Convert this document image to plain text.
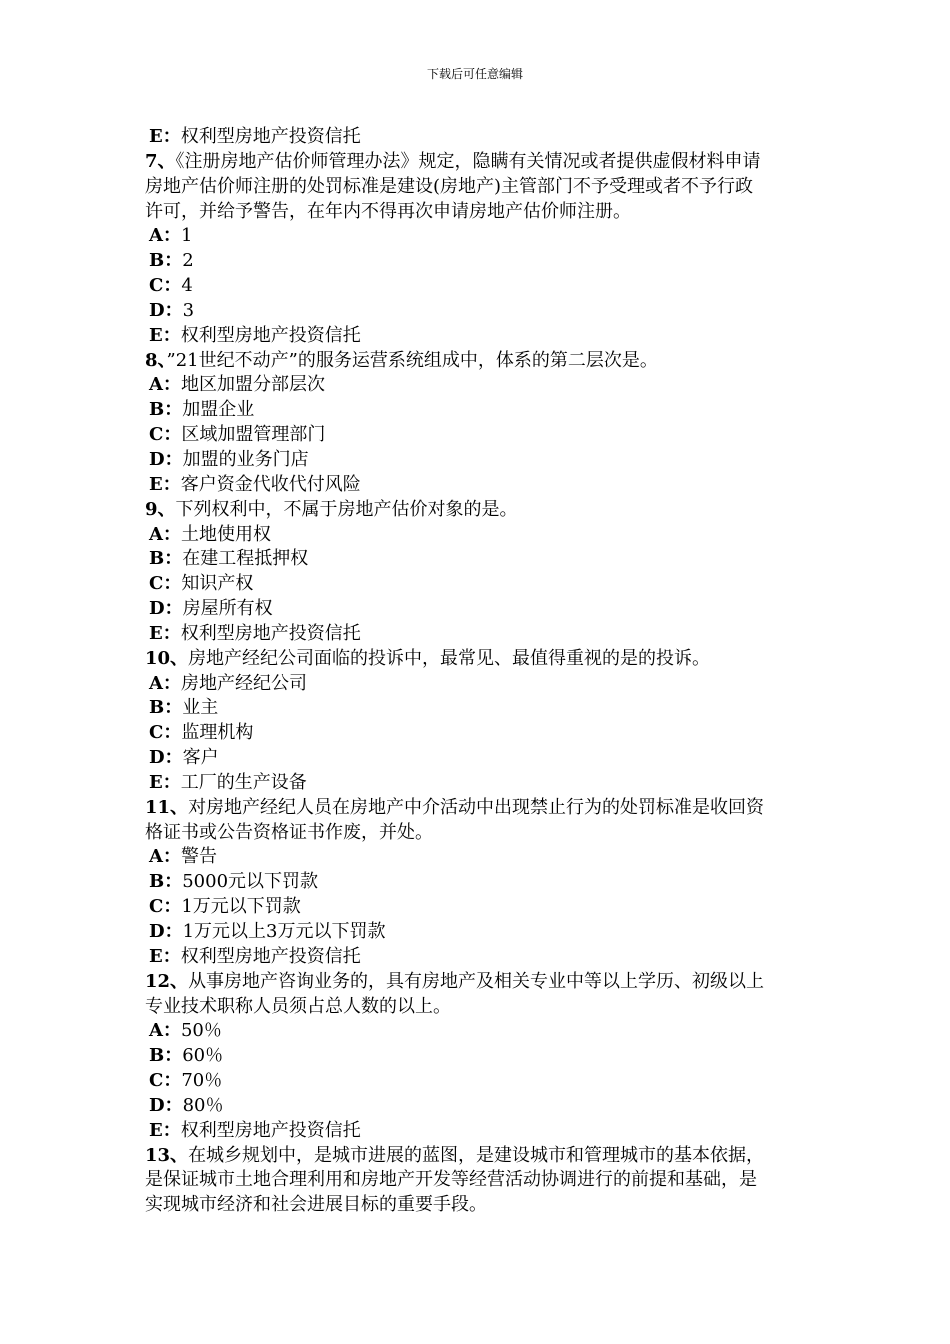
下载后可任意编辑
E：权利型房地产投资信托
7、《注册房地产估价师管理办法》规定，隐瞒有关情况或者提供虚假材料申请
房地产估价师注册的处罚标准是建设(房地产)主管部门不予受理或者不予行政
许可，并给予警告，在年内不得再次申请房地产估价师注册。
A：1
B：2
C：4
D：3
E：权利型房地产投资信托
8、”21世纪不动产”的服务运营系统组成中，体系的第二层次是。
A：地区加盟分部层次
B：加盟企业
C：区域加盟管理部门
D：加盟的业务门店
E：客户资金代收代付风险
9、下列权利中，不属于房地产估价对象的是。
A：土地使用权
B：在建工程抵押权
C：知识产权
D：房屋所有权
E：权利型房地产投资信托
10、房地产经纪公司面临的投诉中，最常见、最值得重视的是的投诉。
A：房地产经纪公司
B：业主
C：监理机构
D：客户
E：工厂的生产设备
11、对房地产经纪人员在房地产中介活动中出现禁止行为的处罚标准是收回资
格证书或公告资格证书作废，并处。
A：警告
B：5000元以下罚款
C：1万元以下罚款
D：1万元以上3万元以下罚款
E：权利型房地产投资信托
12、从事房地产咨询业务的，具有房地产及相关专业中等以上学历、初级以上
专业技术职称人员须占总人数的以上。
A：50％
B：60％
C：70％
D：80％
E：权利型房地产投资信托
13、在城乡规划中，是城市进展的蓝图，是建设城市和管理城市的基本依据，
是保证城市土地合理利用和房地产开发等经营活动协调进行的前提和基础，是
实现城市经济和社会进展目标的重要手段。
